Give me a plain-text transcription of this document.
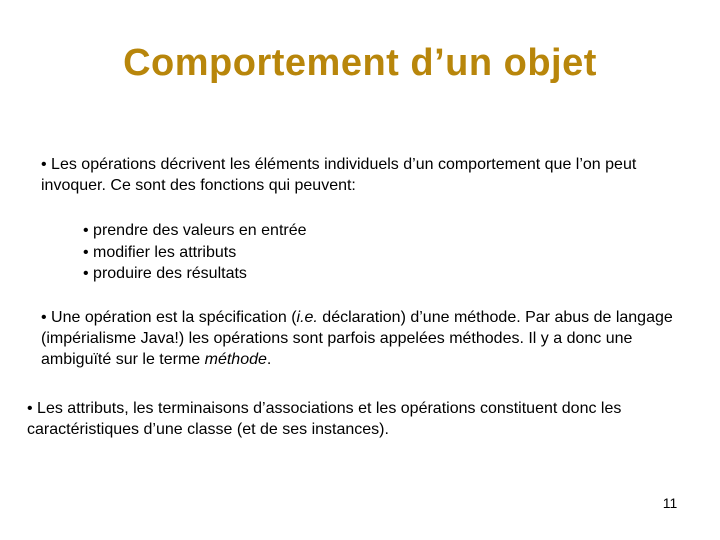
Comportement d’un objet

• Les opérations décrivent les éléments individuels d’un comportement que l’on peut invoquer. Ce sont des fonctions qui peuvent:

• prendre des valeurs en entrée
• modifier les attributs
• produire des résultats

• Une opération est la spécification (i.e. déclaration) d’une méthode. Par abus de langage (impérialisme Java!) les opérations sont parfois appelées méthodes. Il y a donc une ambiguïté sur le terme méthode.

• Les attributs, les terminaisons d’associations et les opérations constituent donc les caractéristiques d’une classe (et de ses instances).

11
